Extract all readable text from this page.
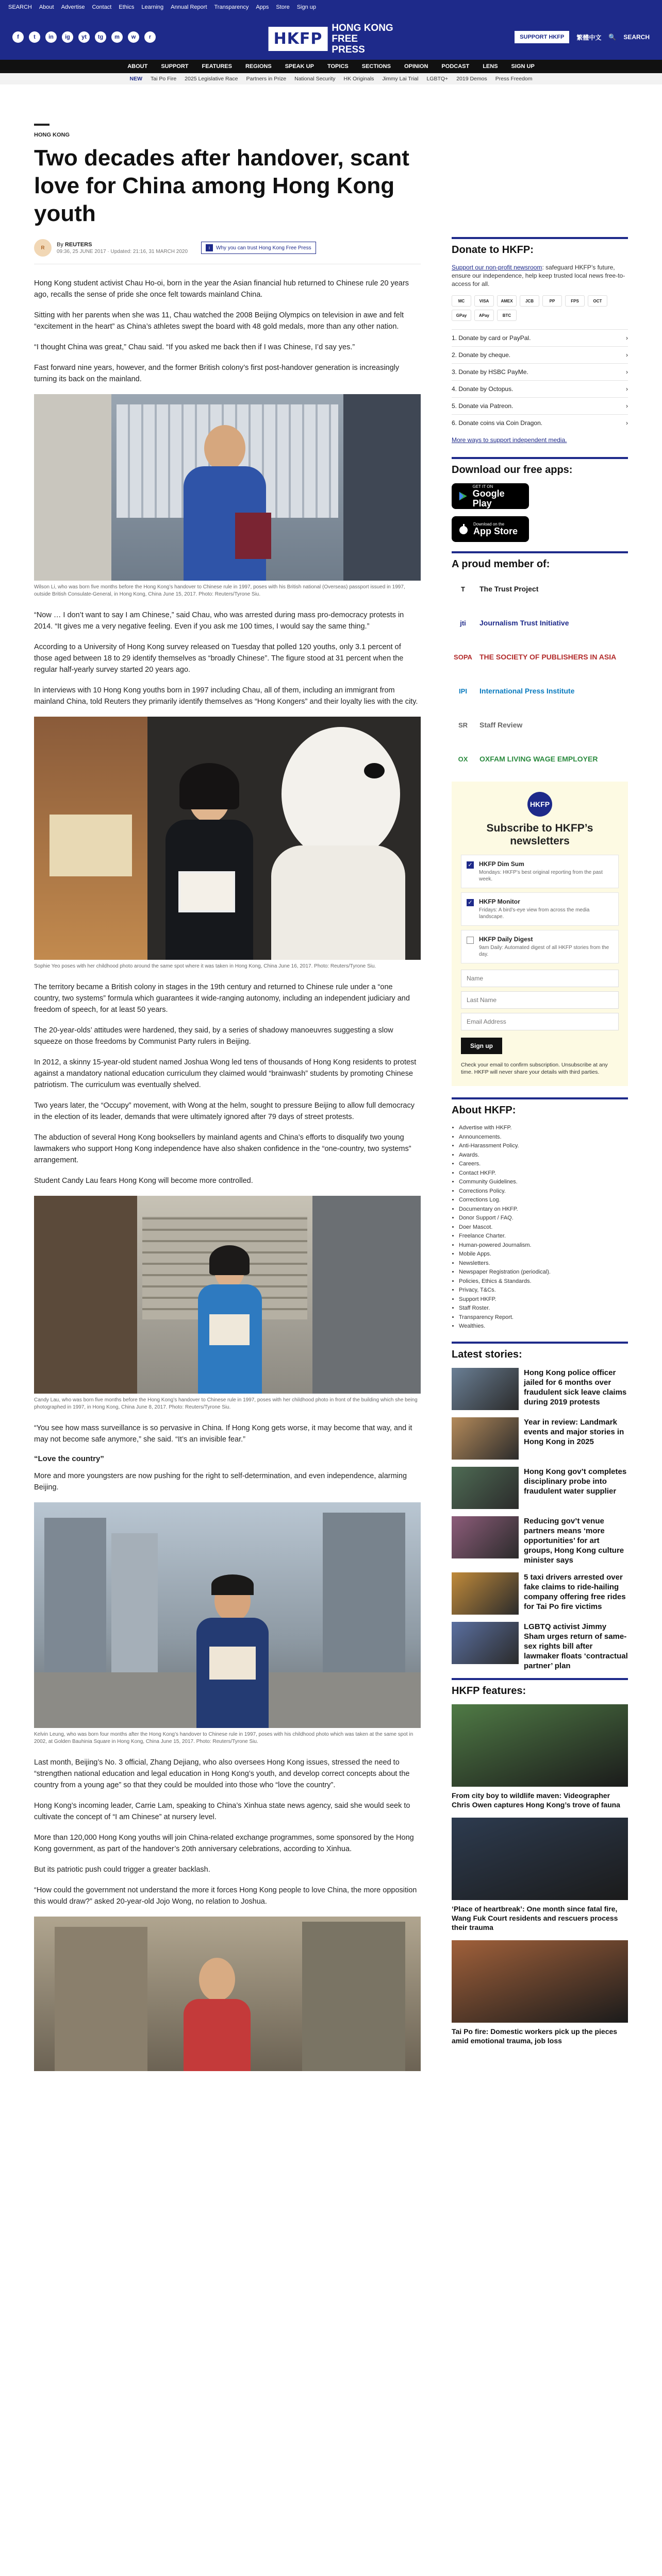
SEARCH About Advertise Contact Ethics Learning Annual Report Transparency Apps Store Sign up
f	t	in	ig	yt	tg	m	w	r	HKFP
HONG KONG FREE PRESS
SUPPORT HKFP	繁體中文 🔍 SEARCH
ABOUT SUPPORT FEATURES REGIONS SPEAK UP TOPICS SECTIONS OPINION PODCAST LENS SIGN UP
NEW Tai Po Fire 2025 Legislative Race Partners in Prize National Security HK Originals Jimmy Lai Trial LGBTQ+ 2019 Demos Press Freedom
HONG KONG
Two decades after handover, scant love for China among Hong Kong youth
R
By REUTERS
09:36, 25 JUNE 2017 · Updated: 21:16, 31 MARCH 2020
i	Why you can trust Hong Kong Free Press

Hong Kong student activist Chau Ho-oi, born in the year the Asian financial hub returned to Chinese rule 20 years ago, recalls the sense of pride she once felt towards mainland China.

Sitting with her parents when she was 11, Chau watched the 2008 Beijing Olympics on television in awe and felt “excitement in the heart” as China’s athletes swept the board with 48 gold medals, more than any other nation.

“I thought China was great,” Chau said. “If you asked me back then if I was Chinese, I’d say yes.”

Fast forward nine years, however, and the former British colony’s first post-handover generation is increasingly turning its back on the mainland.

Wilson Li, who was born five months before the Hong Kong’s handover to Chinese rule in 1997, poses with his British national (Overseas) passport issued in 1997, outside British Consulate-General, in Hong Kong, China June 15, 2017. Photo: Reuters/Tyrone Siu.

“Now … I don’t want to say I am Chinese,” said Chau, who was arrested during mass pro-democracy protests in 2014. “It gives me a very negative feeling. Even if you ask me 100 times, I would say the same thing.”

According to a University of Hong Kong survey released on Tuesday that polled 120 youths, only 3.1 percent of those aged between 18 to 29 identify themselves as “broadly Chinese”. The figure stood at 31 percent when the regular half-yearly survey started 20 years ago.

In interviews with 10 Hong Kong youths born in 1997 including Chau, all of them, including an immigrant from mainland China, told Reuters they primarily identify themselves as “Hong Kongers” and their loyalty lies with the city.

Sophie Yeo poses with her childhood photo around the same spot where it was taken in Hong Kong, China June 16, 2017. Photo: Reuters/Tyrone Siu.

The territory became a British colony in stages in the 19th century and returned to Chinese rule under a “one country, two systems” formula which guarantees it wide-ranging autonomy, including an independent judiciary and freedom of speech, for at least 50 years.

The 20-year-olds’ attitudes were hardened, they said, by a series of shadowy manoeuvres suggesting a slow squeeze on those freedoms by Communist Party rulers in Beijing.

In 2012, a skinny 15-year-old student named Joshua Wong led tens of thousands of Hong Kong residents to protest against a mandatory national education curriculum they claimed would “brainwash” students by promoting Chinese patriotism. The curriculum was eventually shelved.

Two years later, the “Occupy” movement, with Wong at the helm, sought to pressure Beijing to allow full democracy in the election of its leader, demands that were ultimately ignored after 79 days of street protests.

The abduction of several Hong Kong booksellers by mainland agents and China’s efforts to disqualify two young lawmakers who support Hong Kong independence have also shaken confidence in the “one-country, two systems” arrangement.

Student Candy Lau fears Hong Kong will become more controlled.

Candy Lau, who was born five months before the Hong Kong’s handover to Chinese rule in 1997, poses with her childhood photo in front of the building which she being photographed in 1997, in Hong Kong, China June 8, 2017. Photo: Reuters/Tyrone Siu.

“You see how mass surveillance is so pervasive in China. If Hong Kong gets worse, it may become that way, and it may not become safe anymore,” she said. “It’s an invisible fear.”

“Love the country”

More and more youngsters are now pushing for the right to self-determination, and even independence, alarming Beijing.

Kelvin Leung, who was born four months after the Hong Kong’s handover to Chinese rule in 1997, poses with his childhood photo which was taken at the same spot in 2002, at Golden Bauhinia Square in Hong Kong, China June 15, 2017. Photo: Reuters/Tyrone Siu.

Last month, Beijing’s No. 3 official, Zhang Dejiang, who also oversees Hong Kong issues, stressed the need to “strengthen national education and legal education in Hong Kong’s youth, and develop correct concepts about the country from a young age” so that they could be moulded into those who “love the country”.

Hong Kong’s incoming leader, Carrie Lam, speaking to China’s Xinhua state news agency, said she would seek to cultivate the concept of “I am Chinese” at nursery level.

More than 120,000 Hong Kong youths will join China-related exchange programmes, some sponsored by the Hong Kong government, as part of the handover’s 20th anniversary celebrations, according to Xinhua.

But its patriotic push could trigger a greater backlash.

“How could the government not understand the more it forces Hong Kong people to love China, the more opposition this would draw?” asked 20-year-old Jojo Wong, no relation to Joshua.

Donate to HKFP:
Support our non-profit newsroom: safeguard HKFP’s future, ensure our independence, help keep trusted local news free-to-access for all.
MC	VISA	AMEX	JCB	PP	FPS	OCT
GPay	APay	BTC
1. Donate by card or PayPal.	›
2. Donate by cheque.	›
3. Donate by HSBC PayMe.	›
4. Donate by Octopus.	›
5. Donate via Patreon.	›
6. Donate coins via Coin Dragon.	›
More ways to support independent media.
Download our free apps:
GET IT ON
Google Play
Download on the
App Store
A proud member of:
T	The Trust Project
jti	Journalism Trust Initiative
SOPA THE SOCIETY OF PUBLISHERS IN ASIA
IPI	International Press Institute
SR	Staff Review
OX	OXFAM LIVING WAGE EMPLOYER
HKFP
Subscribe to HKFP’s newsletters
✓ HKFP Dim Sum
Mondays: HKFP’s best original reporting from the past week.
✓ HKFP Monitor
Fridays: A bird’s-eye view from across the media landscape.
HKFP Daily Digest
9am Daily: Automated digest of all HKFP stories from the day.
Name Last Name Email Address
Sign up
Check your email to confirm subscription. Unsubscribe at any time. HKFP will never share your details with third parties.
About HKFP:
• Advertise with HKFP.
• Announcements.
• Anti-Harassment Policy.
• Awards.
• Careers.
• Contact HKFP.
• Community Guidelines.
• Corrections Policy.
• Corrections Log.
• Documentary on HKFP.
• Donor Support / FAQ.
• Doer Mascot.
• Freelance Charter.
• Human-powered Journalism.
• Mobile Apps.
• Newsletters.
• Newspaper Registration (periodical).
• Policies, Ethics & Standards.
• Privacy, T&Cs.
• Support HKFP.
• Staff Roster.
• Transparency Report.
• Wealthies.
Latest stories:
Hong Kong police officer jailed for 6 months over fraudulent sick leave claims during 2019 protests
Year in review: Landmark events and major stories in Hong Kong in 2025
Hong Kong gov’t completes disciplinary probe into fraudulent water supplier
Reducing gov’t venue partners means ‘more opportunities’ for art groups, Hong Kong culture minister says
5 taxi drivers arrested over fake claims to ride-hailing company offering free rides for Tai Po fire victims
LGBTQ activist Jimmy Sham urges return of same-sex rights bill after lawmaker floats ‘contractual partner’ plan
HKFP features:
From city boy to wildlife maven: Videographer Chris Owen captures Hong Kong’s trove of fauna
‘Place of heartbreak’: One month since fatal fire, Wang Fuk Court residents and rescuers process their trauma
Tai Po fire: Domestic workers pick up the pieces amid emotional trauma, job loss
